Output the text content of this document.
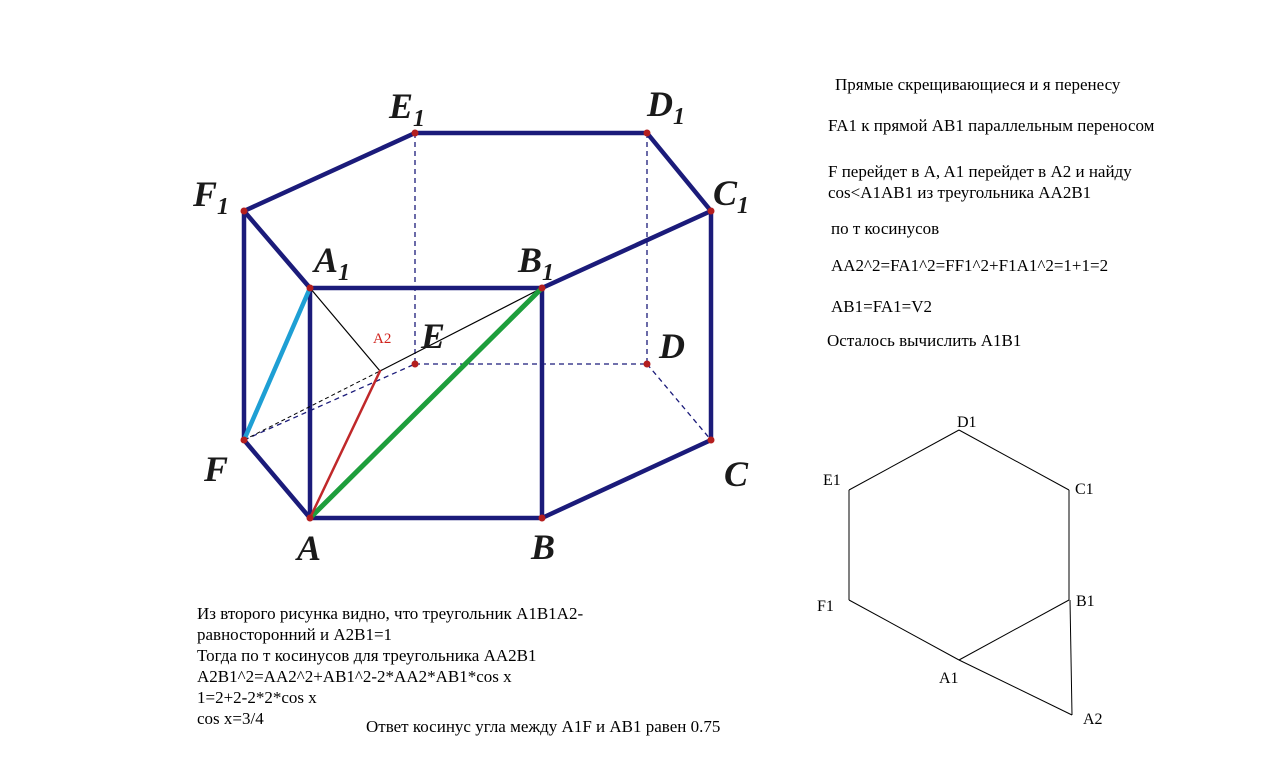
$E_1$	$D_1$
$F_1$	$C_1$
$A_1$	$B_1$
E	D
F	C
A	B
A2
D1
E1
C1
F1	B1
A1
A2
Прямые скрещивающиеся и я перенесу
FA1 к прямой AB1 параллельным переносом
F перейдет в A, A1 перейдет в A2 и найду
cos<A1AB1 из треугольника AA2B1
по т косинусов
AA2^2=FA1^2=FF1^2+F1A1^2=1+1=2
AB1=FA1=V2
Осталось вычислить A1B1
Из второго рисунка видно, что треугольник A1B1A2-
равносторонний и A2B1=1
Тогда по т косинусов для треугольника AA2B1
A2B1^2=AA2^2+AB1^2-2*AA2*AB1*cos x
1=2+2-2*2*cos x
cos x=3/4	Ответ косинус угла между A1F и AB1 равен 0.75
